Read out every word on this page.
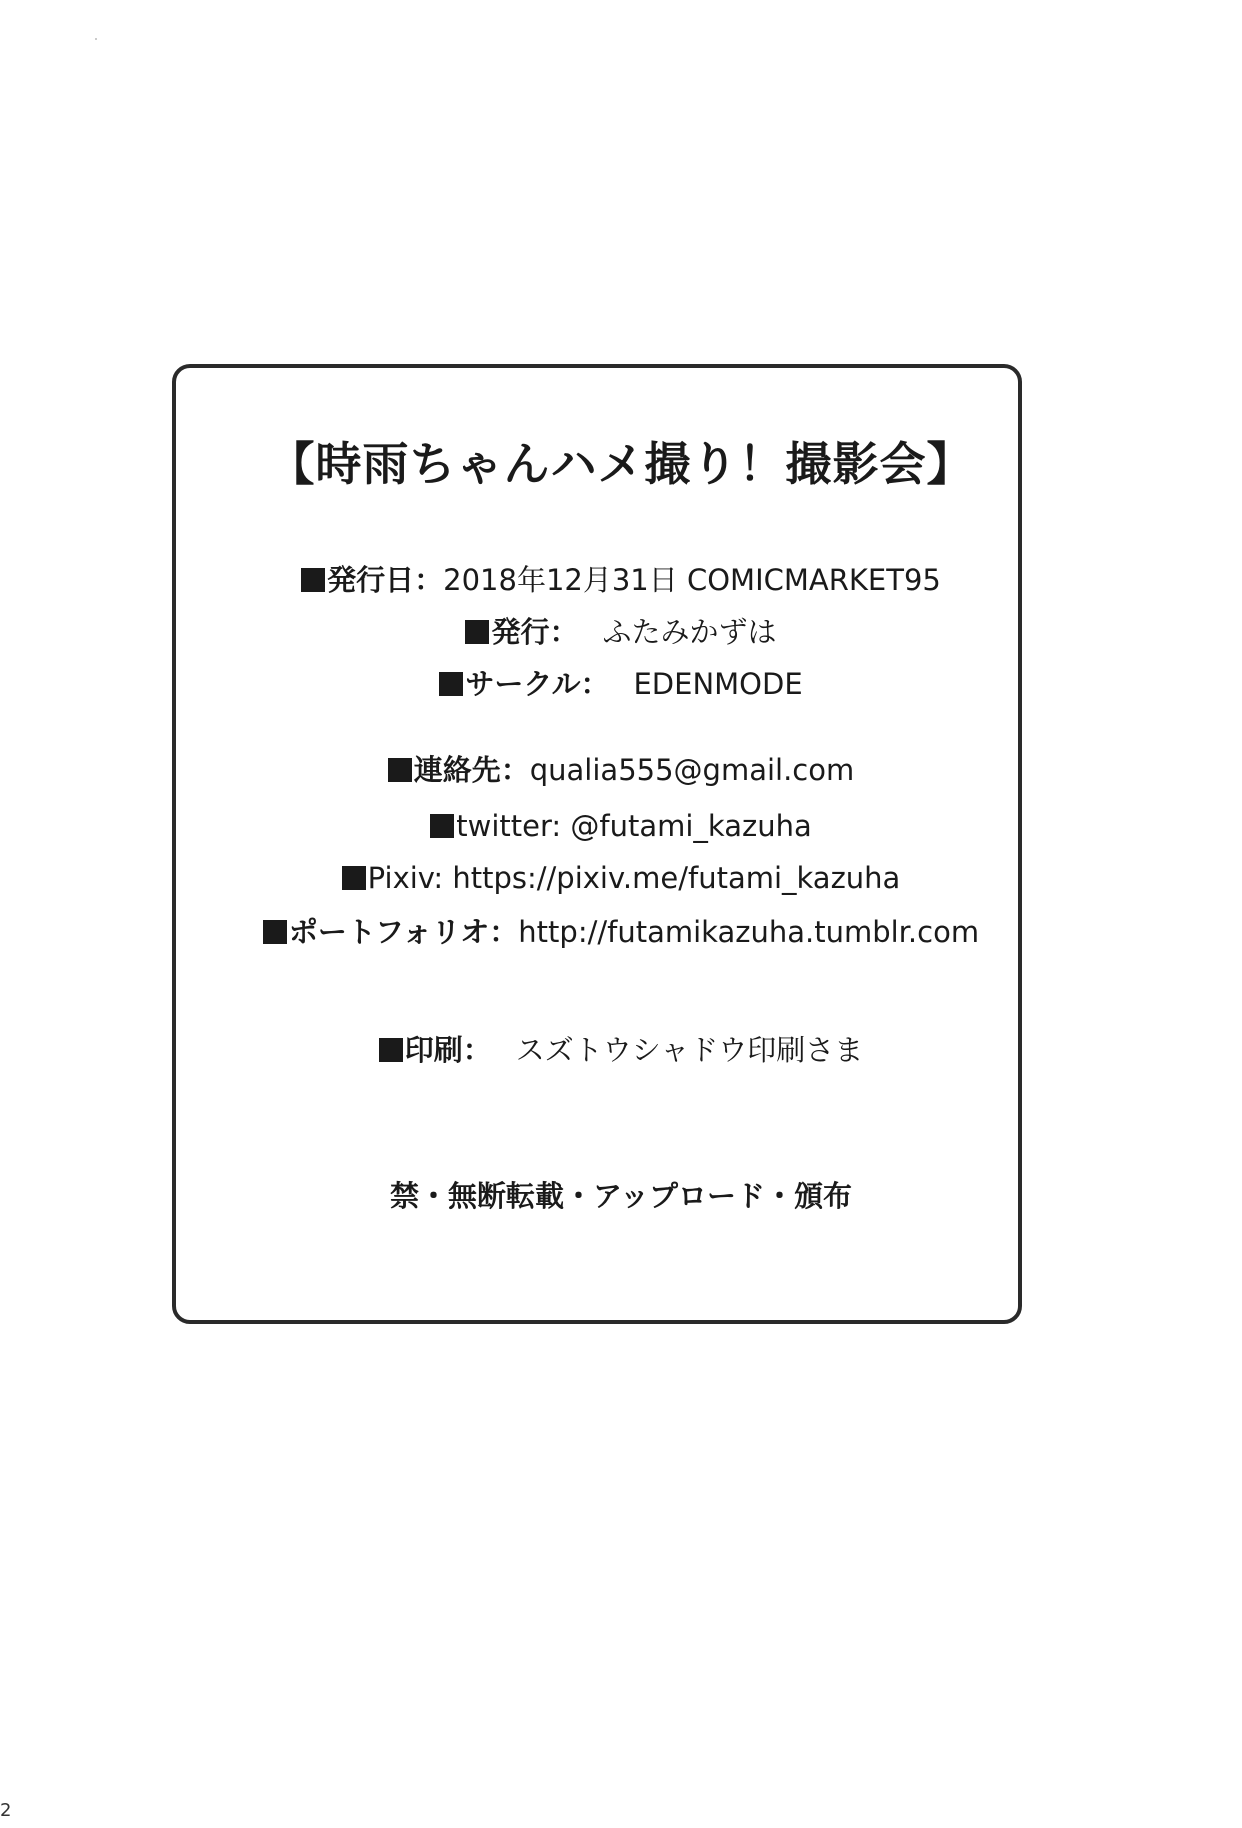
【時雨ちゃんハメ撮り！撮影会】
発行日：2018年12月31日 COMICMARKET95
発行： ふたみかずは
サークル： EDENMODE
連絡先：qualia555@gmail.com
twitter: @futami_kazuha
Pixiv: https://pixiv.me/futami_kazuha
ポートフォリオ：http://futamikazuha.tumblr.com
印刷： スズトウシャドウ印刷さま
禁・無断転載・アップロード・頒布
2
